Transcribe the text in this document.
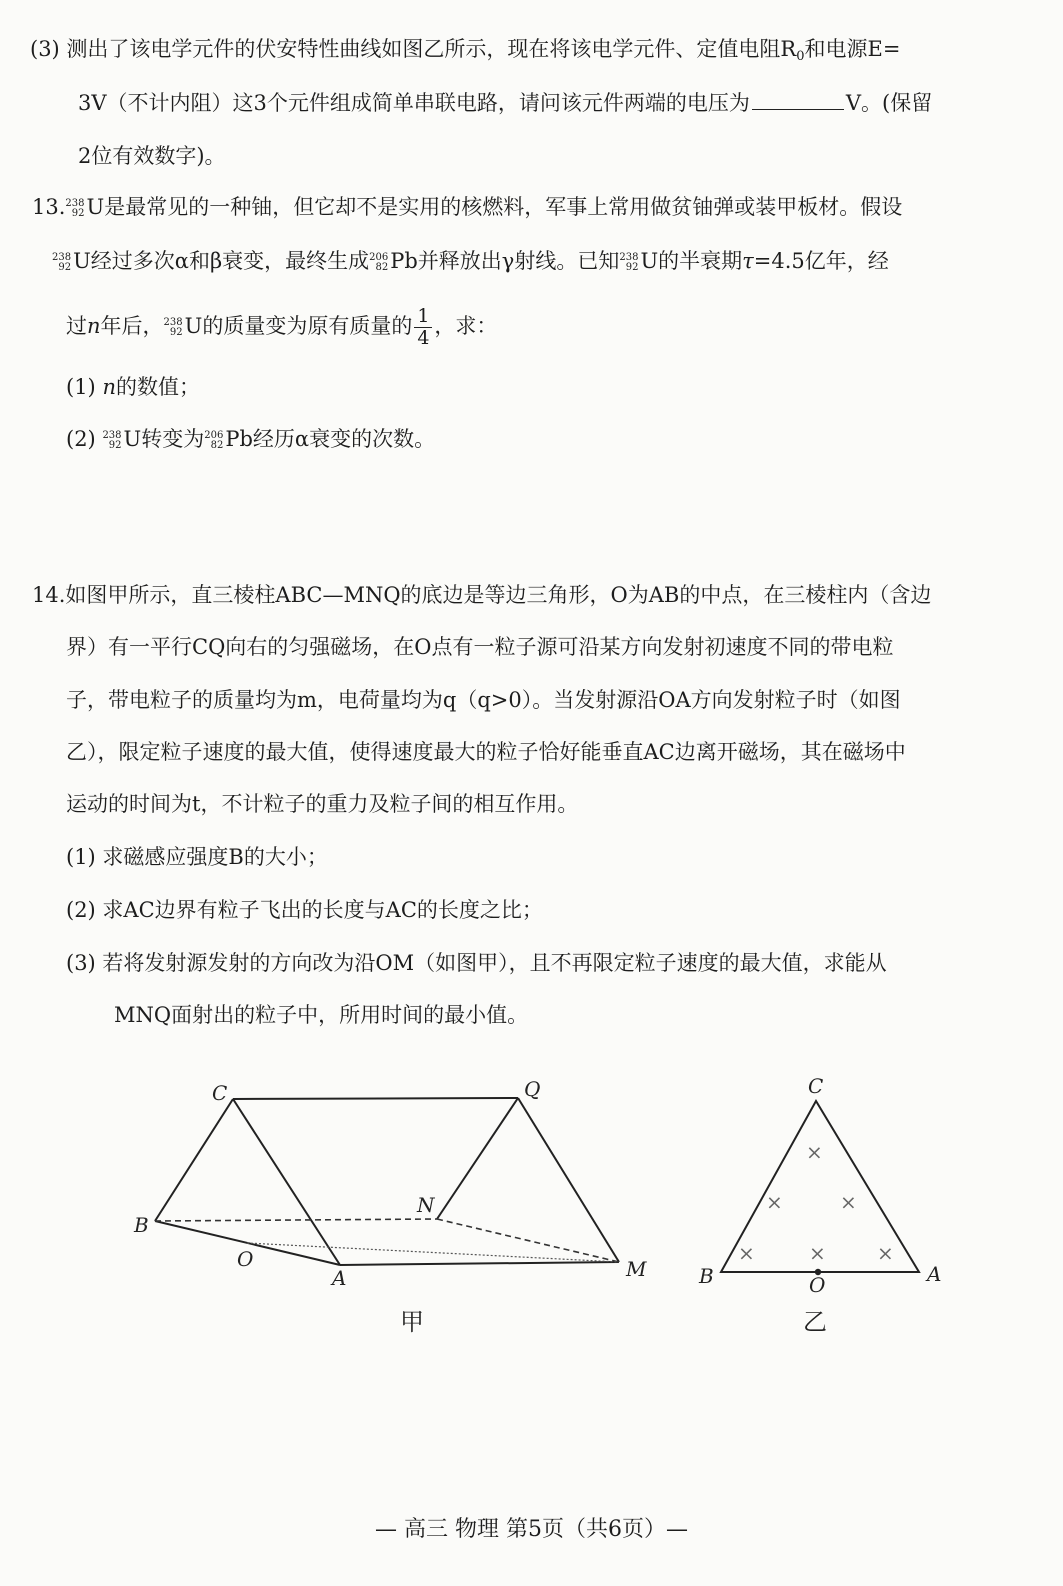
(3) 测出了该电学元件的伏安特性曲线如图乙所示，现在将该电学元件、定值电阻$R_0$和电源E=
3V（不计内阻）这3个元件组成简单串联电路，请问该元件两端的电压为	V。(保留
2位有效数字)。
13. 238
92 U是最常见的一种铀，但它却不是实用的核燃料，军事上常用做贫铀弹或装甲板材。假设
238
92 U经过多次α和β衰变，最终生成 206
82 Pb并释放出γ射线。已知 238
92 U的半衰期τ=4.5亿年，经
过n年后， 238
92 U的质量变为原有质量的 $\frac{1}{4}$ ，求：
(1) n的数值；
(2) 238
92 U转变为 206
82 Pb经历α衰变的次数。
14.如图甲所示，直三棱柱ABC—MNQ的底边是等边三角形，O为AB的中点，在三棱柱内（含边
界）有一平行CQ向右的匀强磁场，在O点有一粒子源可沿某方向发射初速度不同的带电粒
子，带电粒子的质量均为m，电荷量均为q（q>0）。当发射源沿OA方向发射粒子时（如图
乙），限定粒子速度的最大值，使得速度最大的粒子恰好能垂直AC边离开磁场，其在磁场中
运动的时间为t，不计粒子的重力及粒子间的相互作用。
(1) 求磁感应强度B的大小；
(2) 求AC边界有粒子飞出的长度与AC的长度之比；
(3) 若将发射源发射的方向改为沿OM（如图甲），且不再限定粒子速度的最大值，求能从
MNQ面射出的粒子中，所用时间的最小值。
C	Q
B
N
O
A	M
甲
×
×	×
×	×	×
C
B	O	A
乙
— 高三 物理 第5页（共6页）—
